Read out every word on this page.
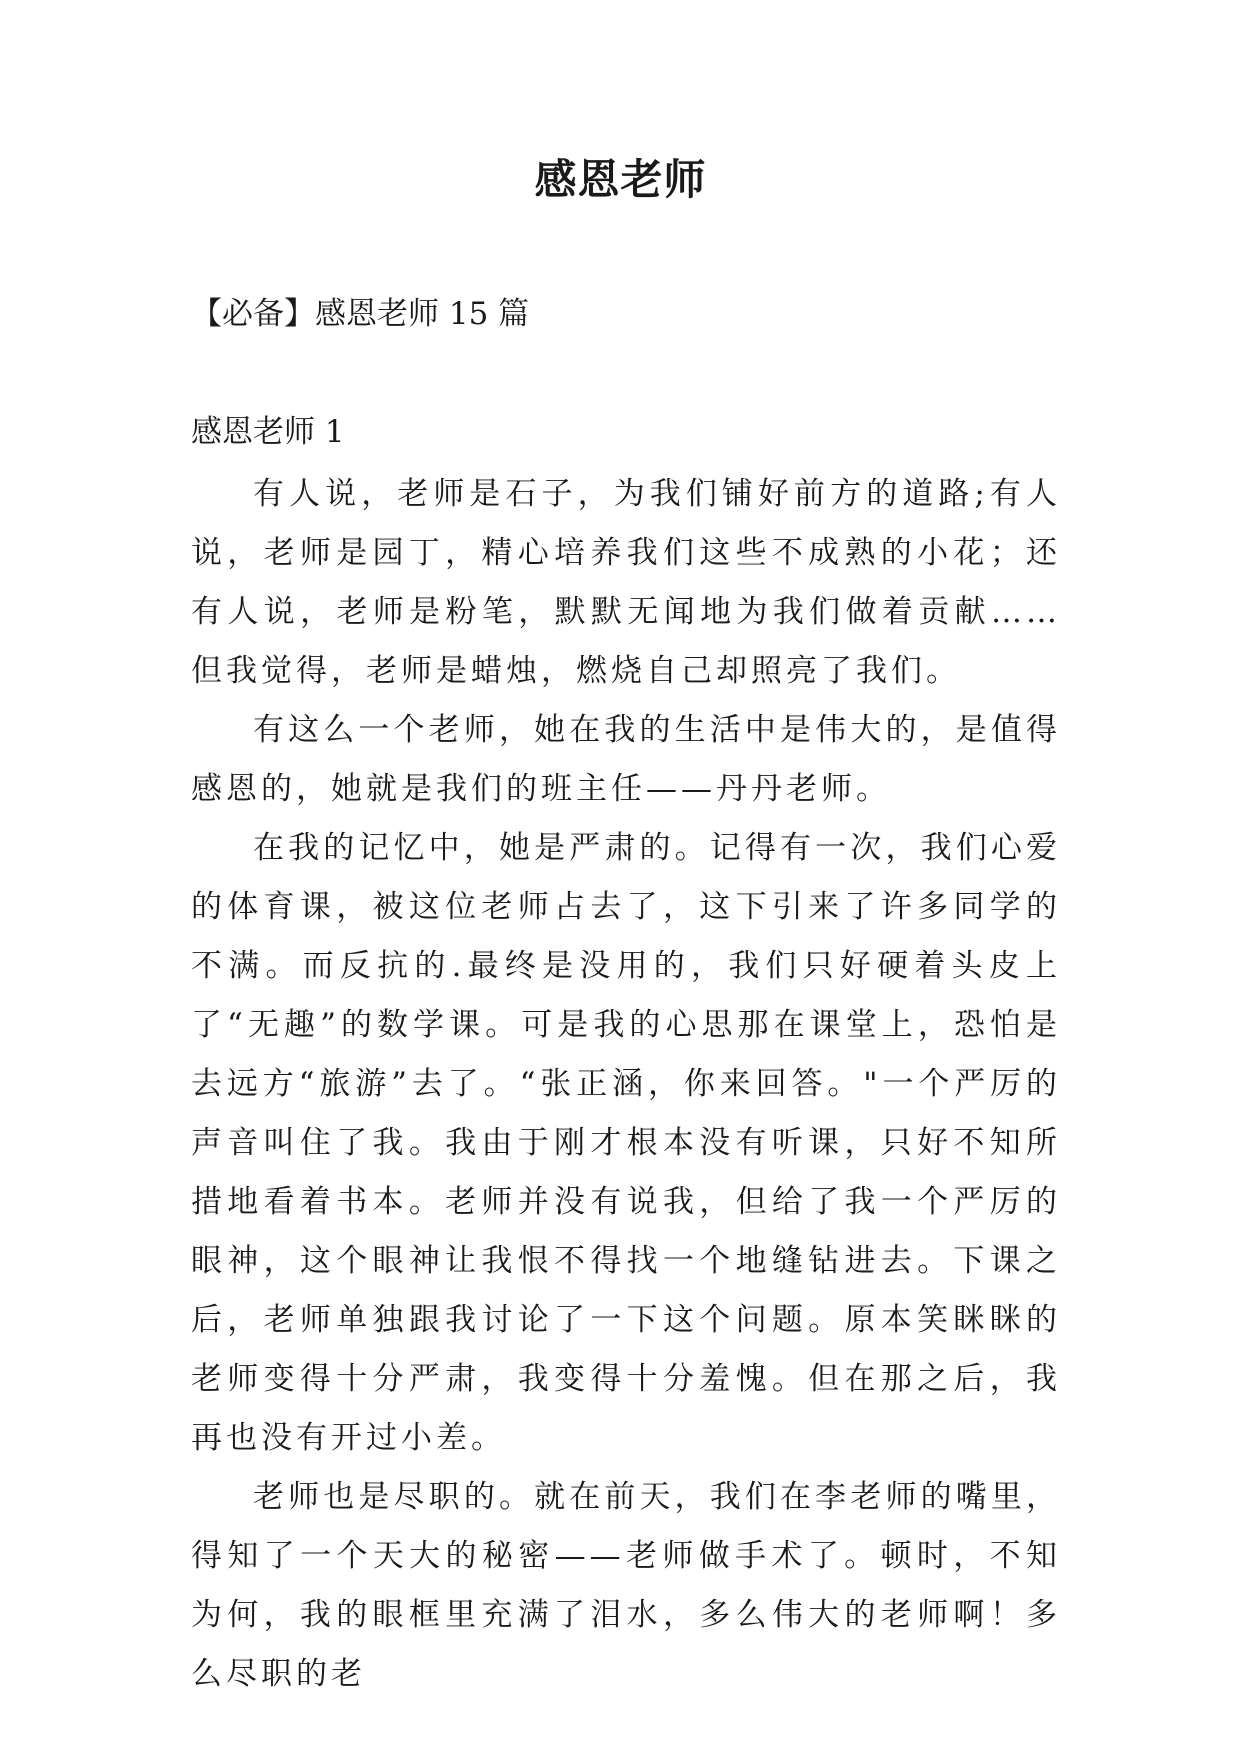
感恩老师
【必备】感恩老师 15 篇
感恩老师 1

有人说，老师是石子，为我们铺好前方的道路;有人说，老师是园丁，精心培养我们这些不成熟的小花；还有人说，老师是粉笔，默默无闻地为我们做着贡献……但我觉得，老师是蜡烛，燃烧自己却照亮了我们。

有这么一个老师，她在我的生活中是伟大的，是值得感恩的，她就是我们的班主任——丹丹老师。

在我的记忆中，她是严肃的。记得有一次，我们心爱的体育课，被这位老师占去了，这下引来了许多同学的不满。而反抗的.最终是没用的，我们只好硬着头皮上了“无趣”的数学课。可是我的心思那在课堂上，恐怕是去远方“旅游”去了。“张正涵，你来回答。"一个严厉的声音叫住了我。我由于刚才根本没有听课，只好不知所措地看着书本。老师并没有说我，但给了我一个严厉的眼神，这个眼神让我恨不得找一个地缝钻进去。下课之后，老师单独跟我讨论了一下这个问题。原本笑眯眯的老师变得十分严肃，我变得十分羞愧。但在那之后，我再也没有开过小差。

老师也是尽职的。就在前天，我们在李老师的嘴里，得知了一个天大的秘密——老师做手术了。顿时，不知为何，我的眼框里充满了泪水，多么伟大的老师啊！多么尽职的老
